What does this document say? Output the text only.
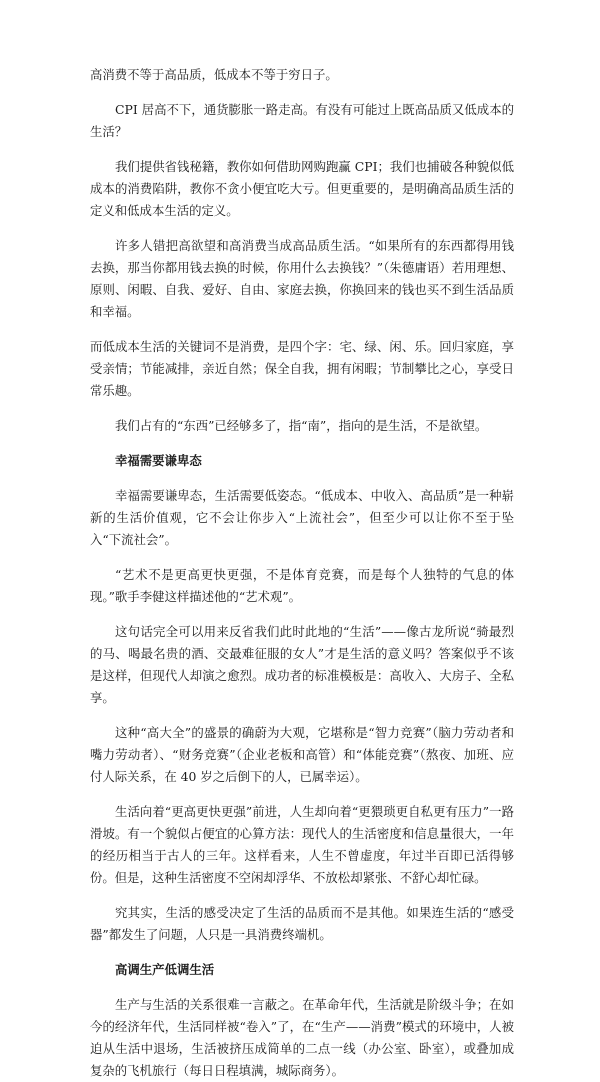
高消费不等于高品质，低成本不等于穷日子。

CPI 居高不下，通货膨胀一路走高。有没有可能过上既高品质又低成本的生活？

我们提供省钱秘籍，教你如何借助网购跑赢 CPI；我们也捕破各种貌似低成本的消费陷阱，教你不贪小便宜吃大亏。但更重要的，是明确高品质生活的定义和低成本生活的定义。

许多人错把高欲望和高消费当成高品质生活。“如果所有的东西都得用钱去换，那当你都用钱去换的时候，你用什么去换钱？”（朱德庸语）若用理想、原则、闲暇、自我、爱好、自由、家庭去换，你换回来的钱也买不到生活品质和幸福。

而低成本生活的关键词不是消费，是四个字：宅、绿、闲、乐。回归家庭，享受亲情；节能减排，亲近自然；保全自我，拥有闲暇；节制攀比之心，享受日常乐趣。

我们占有的“东西”已经够多了，指“南”，指向的是生活，不是欲望。

幸福需要谦卑态

幸福需要谦卑态，生活需要低姿态。“低成本、中收入、高品质”是一种崭新的生活价值观，它不会让你步入“上流社会”，但至少可以让你不至于坠入“下流社会”。

“艺术不是更高更快更强，不是体育竞赛，而是每个人独特的气息的体现。”歌手李健这样描述他的“艺术观”。

这句话完全可以用来反省我们此时此地的“生活”——像古龙所说“骑最烈的马、喝最名贵的酒、交最难征服的女人”才是生活的意义吗？答案似乎不该是这样，但现代人却演之愈烈。成功者的标准模板是：高收入、大房子、全私享。

这种“高大全”的盛景的确蔚为大观，它堪称是“智力竞赛”（脑力劳动者和嘴力劳动者）、“财务竞赛”（企业老板和高管）和“体能竞赛”（熬夜、加班、应付人际关系，在 40 岁之后倒下的人，已属幸运）。

生活向着“更高更快更强”前进，人生却向着“更猥琐更自私更有压力”一路滑坡。有一个貌似占便宜的心算方法：现代人的生活密度和信息量很大，一年的经历相当于古人的三年。这样看来，人生不曾虚度，年过半百即已活得够份。但是，这种生活密度不空闲却浮华、不放松却紧张、不舒心却忙碌。

究其实，生活的感受决定了生活的品质而不是其他。如果连生活的“感受器”都发生了问题，人只是一具消费终端机。

高调生产低调生活

生产与生活的关系很难一言蔽之。在革命年代，生活就是阶级斗争；在如今的经济年代，生活同样被“卷入”了，在“生产——消费”模式的环境中，人被迫从生活中退场，生活被挤压成简单的二点一线（办公室、卧室），或叠加成复杂的飞机旅行（每日日程填满，城际商务）。
